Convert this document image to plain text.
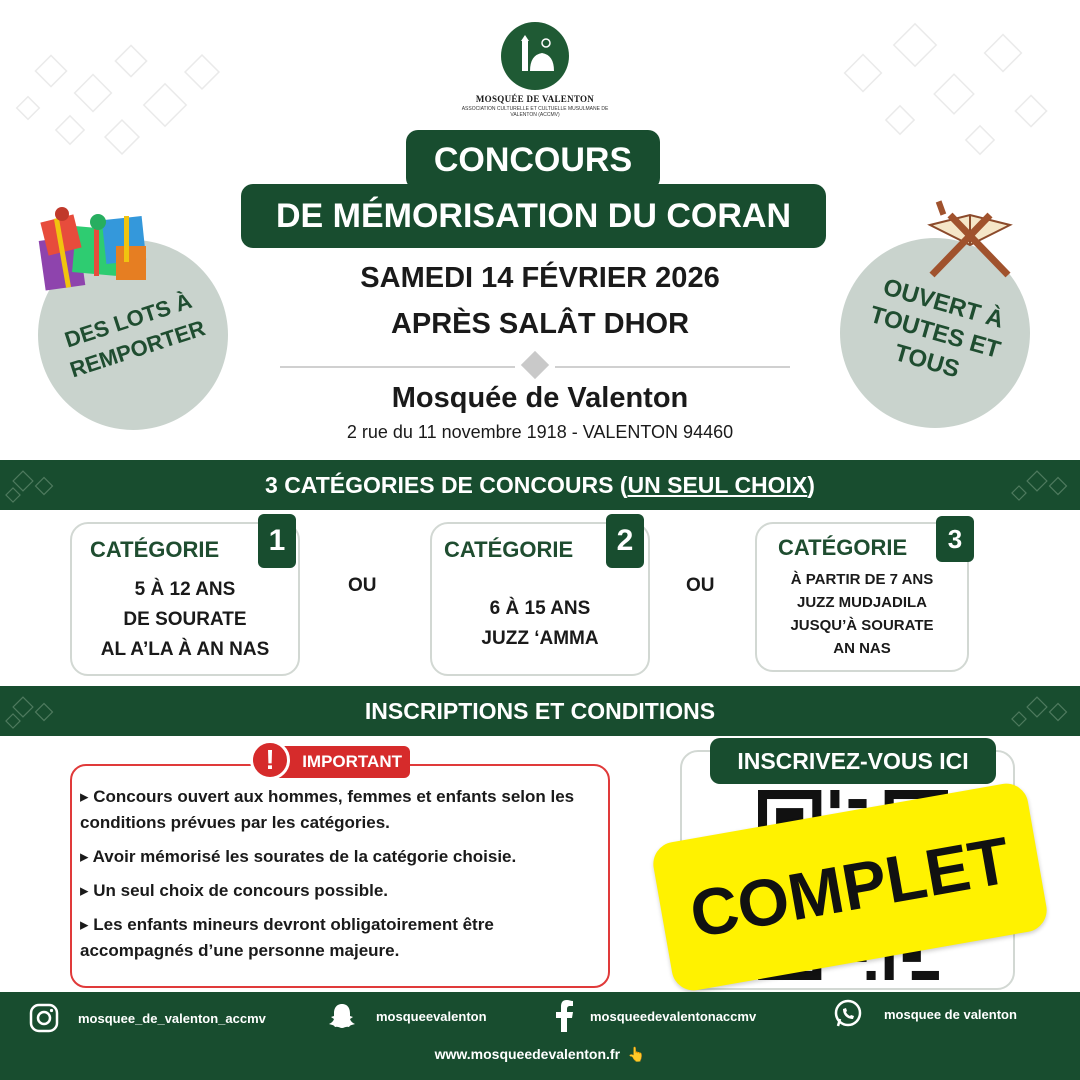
MOSQUÉE DE VALENTON
ASSOCIATION CULTURELLE ET CULTUELLE MUSULMANE DE VALENTON (ACCMV)
CONCOURS
DE MÉMORISATION DU CORAN
SAMEDI 14 FÉVRIER 2026
APRÈS SALÂT DHOR
Mosquée de Valenton
2 rue du 11 novembre 1918 - VALENTON 94460
DES LOTS À REMPORTER
OUVERT À TOUTES ET TOUS
3 CATÉGORIES DE CONCOURS ( UN SEUL CHOIX )
CATÉGORIE	1
5 À 12 ANS
DE SOURATE
AL A’LA À AN NAS
OU
CATÉGORIE	2
6 À 15 ANS
JUZZ ‘AMMA
OU
CATÉGORIE	3
À PARTIR DE 7 ANS
JUZZ MUDJADILA
JUSQU’À SOURATE
AN NAS
INSCRIPTIONS ET CONDITIONS
▸ Concours ouvert aux hommes, femmes et enfants selon les conditions prévues par les catégories.
▸ Avoir mémorisé les sourates de la catégorie choisie.
▸ Un seul choix de concours possible.
▸ Les enfants mineurs devront obligatoirement être accompagnés d’une personne majeure.
IMPORTANT
!	INSCRIVEZ-VOUS ICI
COMPLET
mosquee_de_valenton_accmv	mosqueevalenton	mosqueedevalentonaccmv	mosquee de valenton
www.mosqueedevalenton.fr 👆
